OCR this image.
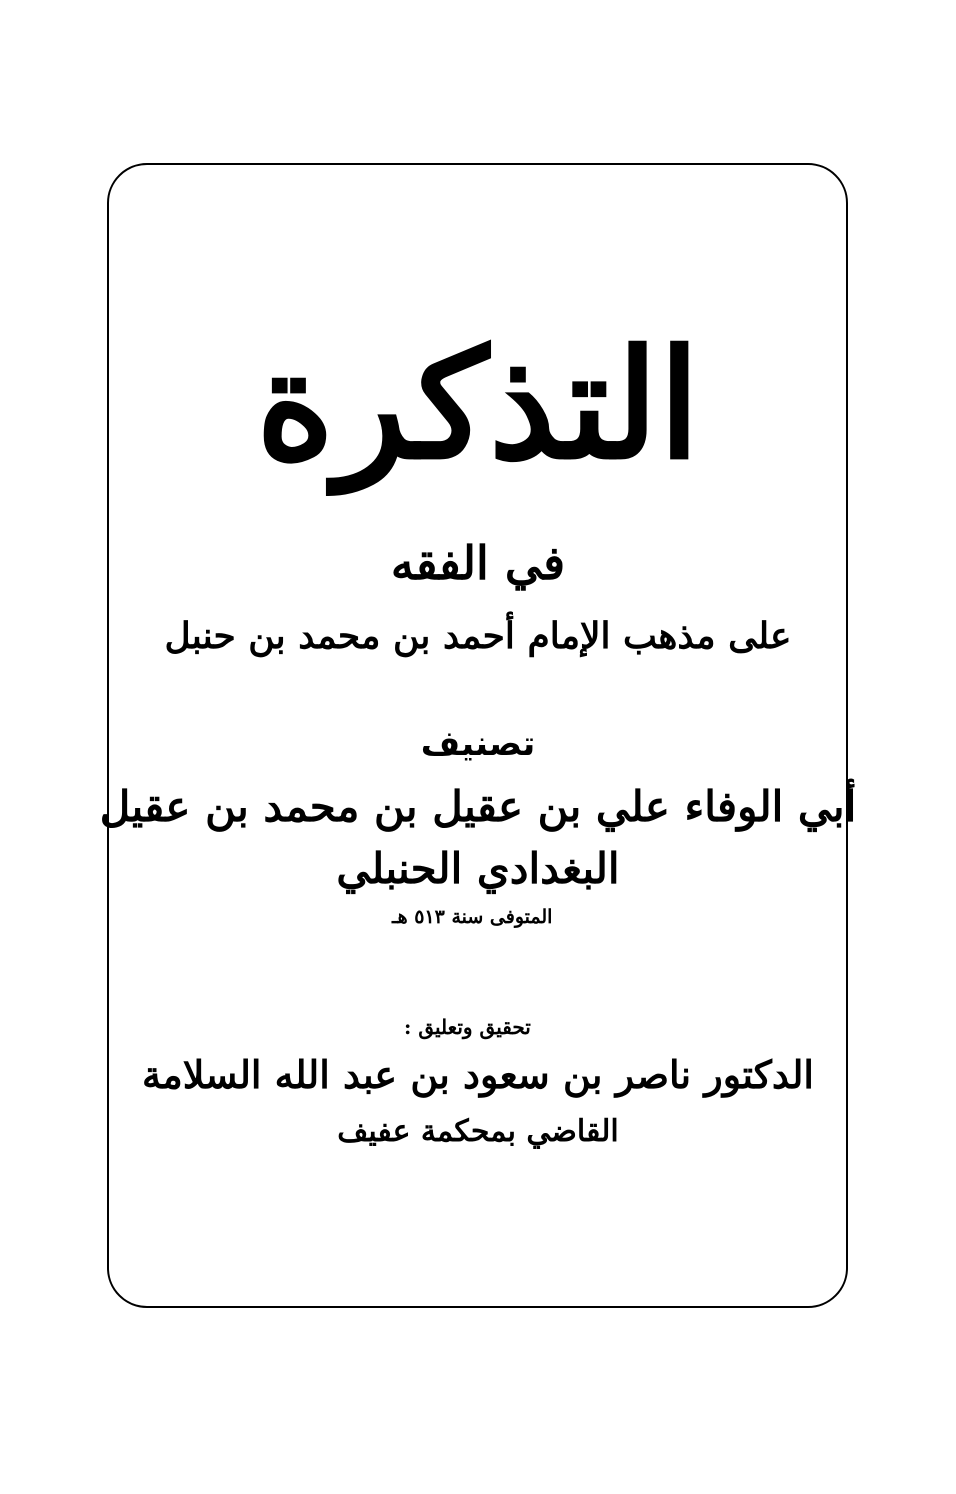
التذكرة
في الفقه
على مذهب الإمام أحمد بن محمد بن حنبل
تصنيف
أبي الوفاء علي بن عقيل بن محمد بن عقيل
البغدادي الحنبلي
المتوفى سنة ٥١٣ هـ
تحقيق وتعليق :
الدكتور ناصر بن سعود بن عبد الله السلامة
القاضي بمحكمة عفيف
